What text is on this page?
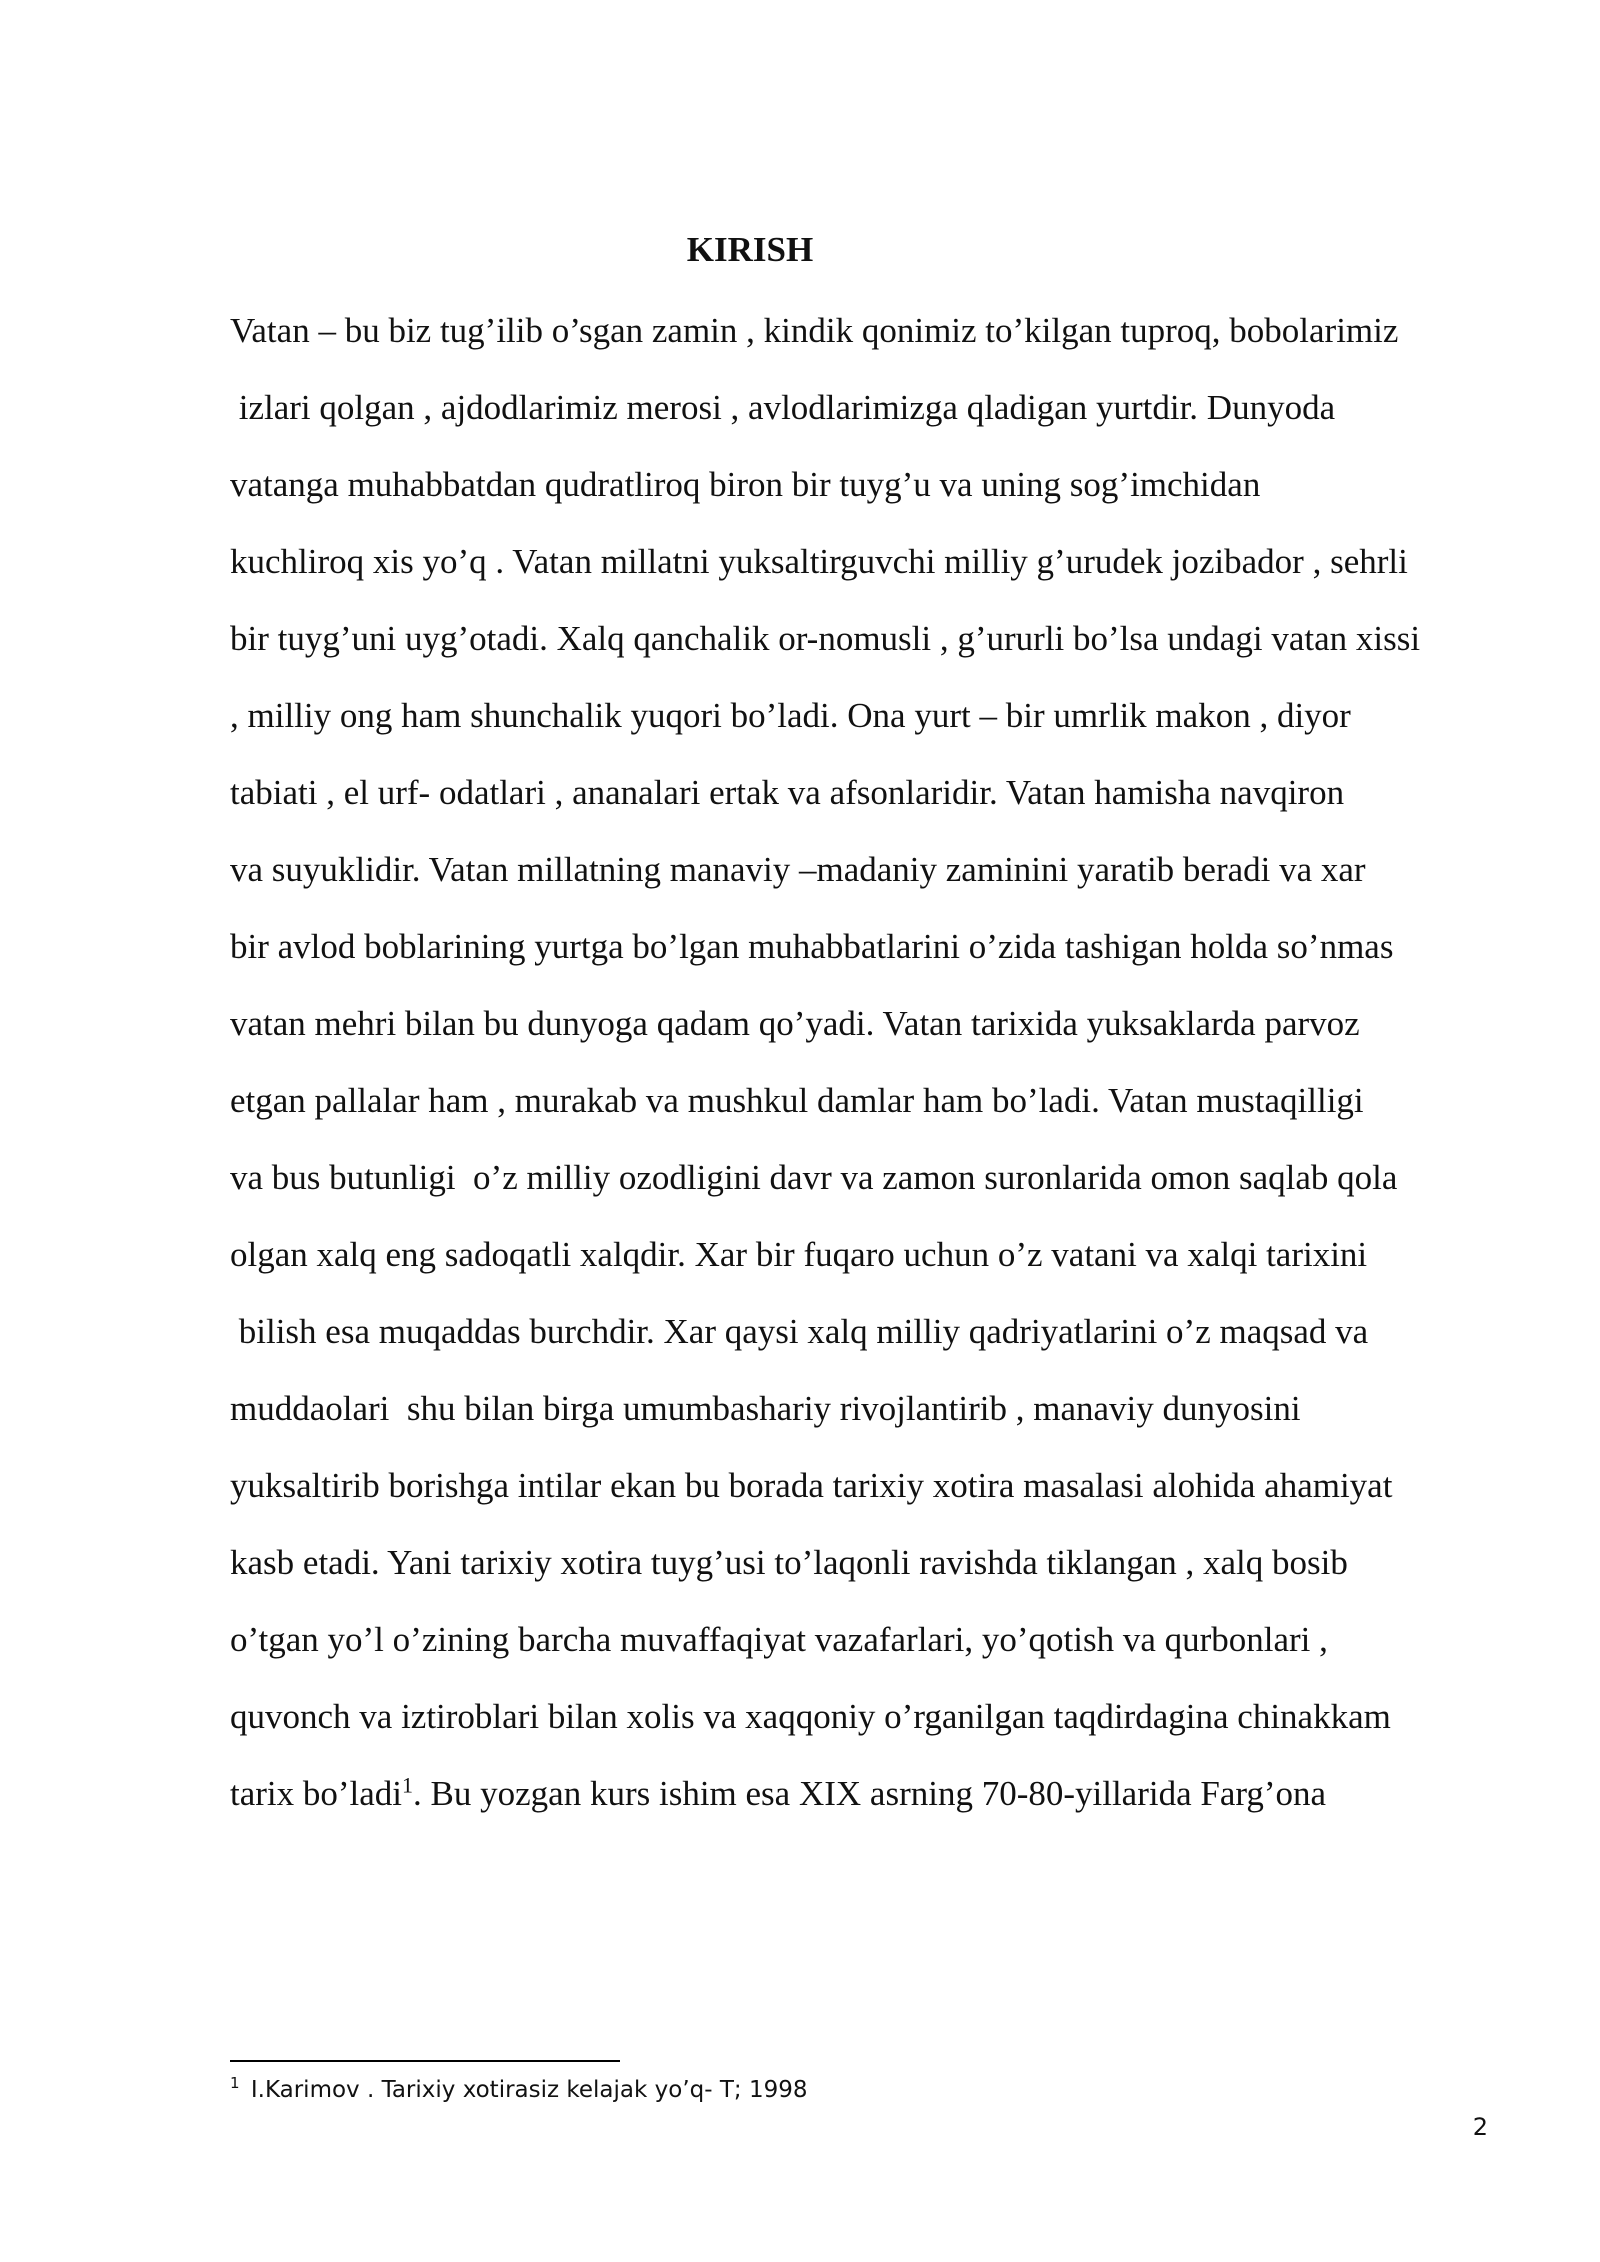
KIRISH
Vatan – bu biz tug’ilib o’sgan zamin , kindik qonimiz to’kilgan tuproq, bobolarimiz
izlari qolgan , ajdodlarimiz merosi , avlodlarimizga qladigan yurtdir. Dunyoda
vatanga muhabbatdan qudratliroq biron bir tuyg’u va uning sog’imchidan
kuchliroq xis yo’q . Vatan millatni yuksaltirguvchi milliy g’urudek jozibador , sehrli
bir tuyg’uni uyg’otadi. Xalq qanchalik or-nomusli , g’ururli bo’lsa undagi vatan xissi
, milliy ong ham shunchalik yuqori bo’ladi. Ona yurt – bir umrlik makon , diyor
tabiati , el urf- odatlari , ananalari ertak va afsonlaridir. Vatan hamisha navqiron
va suyuklidir. Vatan millatning manaviy –madaniy zaminini yaratib beradi va xar
bir avlod boblarining yurtga bo’lgan muhabbatlarini o’zida tashigan holda so’nmas
vatan mehri bilan bu dunyoga qadam qo’yadi. Vatan tarixida yuksaklarda parvoz
etgan pallalar ham , murakab va mushkul damlar ham bo’ladi. Vatan mustaqilligi
va bus butunligi  o’z milliy ozodligini davr va zamon suronlarida omon saqlab qola
olgan xalq eng sadoqatli xalqdir. Xar bir fuqaro uchun o’z vatani va xalqi tarixini
bilish esa muqaddas burchdir. Xar qaysi xalq milliy qadriyatlarini o’z maqsad va
muddaolari  shu bilan birga umumbashariy rivojlantirib , manaviy dunyosini
yuksaltirib borishga intilar ekan bu borada tarixiy xotira masalasi alohida ahamiyat
kasb etadi. Yani tarixiy xotira tuyg’usi to’laqonli ravishda tiklangan , xalq bosib
o’tgan yo’l o’zining barcha muvaffaqiyat vazafarlari, yo’qotish va qurbonlari ,
quvonch va iztiroblari bilan xolis va xaqqoniy o’rganilgan taqdirdagina chinakkam
tarix bo’ladi$^1$. Bu yozgan kurs ishim esa XIX asrning 70-80-yillarida Farg’ona
$^1$ I.Karimov . Tarixiy xotirasiz kelajak yo’q- T; 1998
2
